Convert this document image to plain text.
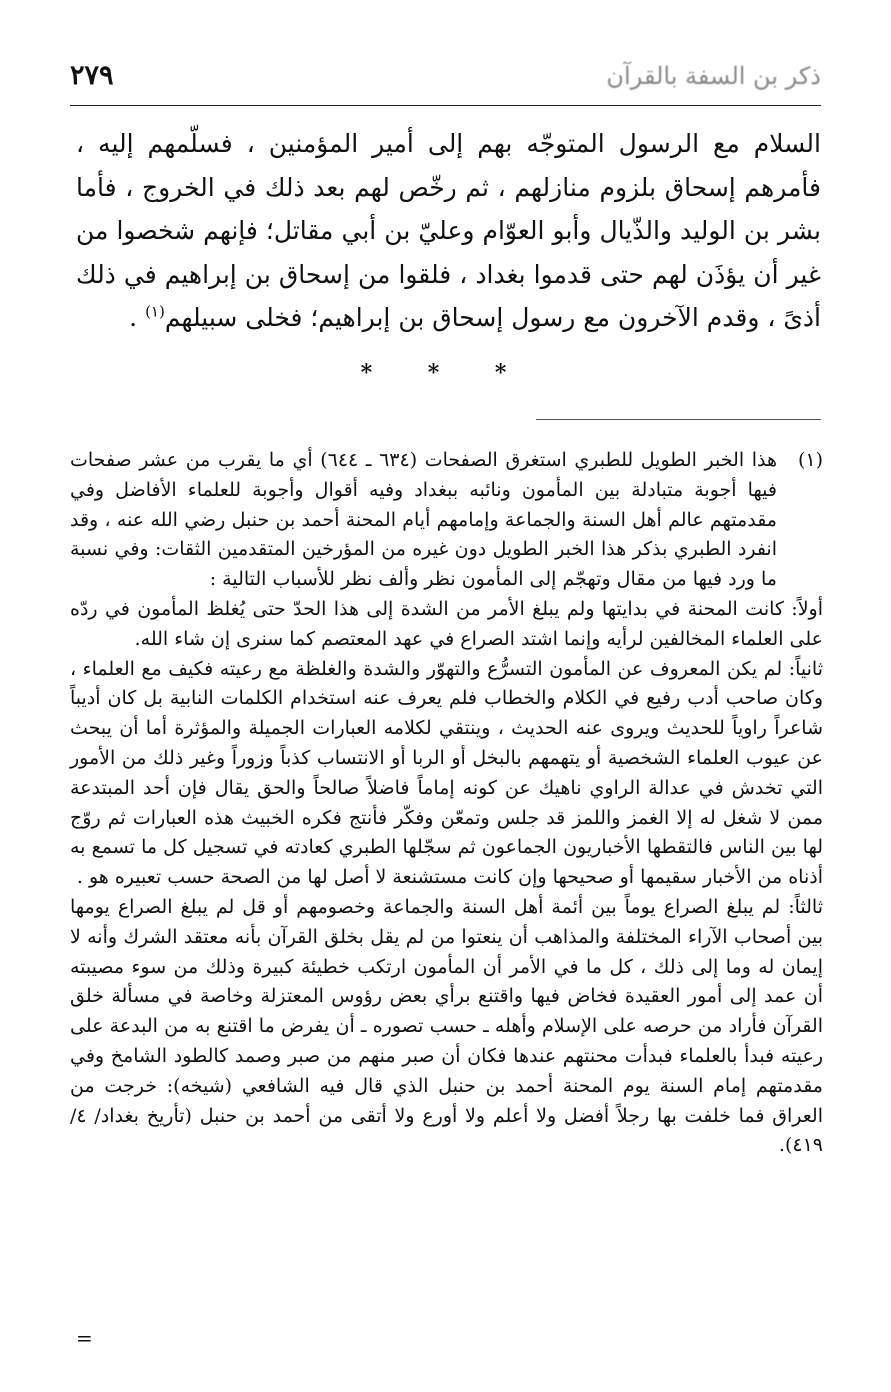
ذكر بن السفة بالقرآن
٢٧٩

السلام مع الرسول المتوجّه بهم إلى أمير المؤمنين ، فسلّمهم إليه ، فأمرهم إسحاق بلزوم منازلهم ، ثم رخّص لهم بعد ذلك في الخروج ، فأما بشر بن الوليد والذّيال وأبو العوّام وعليّ بن أبي مقاتل؛ فإنهم شخصوا من غير أن يؤذَن لهم حتى قدموا بغداد ، فلقوا من إسحاق بن إبراهيم في ذلك أذىً ، وقدم الآخرون مع رسول إسحاق بن إبراهيم؛ فخلى سبيلهم$^{(١)}$ .

* * *
(١)
هذا الخبر الطويل للطبري استغرق الصفحات (٦٣٤ ـ ٦٤٤) أي ما يقرب من عشر صفحات فيها أجوبة متبادلة بين المأمون ونائبه ببغداد وفيه أقوال وأجوبة للعلماء الأفاضل وفي مقدمتهم عالم أهل السنة والجماعة وإمامهم أيام المحنة أحمد بن حنبل رضي الله عنه ، وقد انفرد الطبري بذكر هذا الخبر الطويل دون غيره من المؤرخين المتقدمين الثقات: وفي نسبة ما ورد فيها من مقال وتهجّم إلى المأمون نظر وألف نظر للأسباب التالية :

أولاً: كانت المحنة في بدايتها ولم يبلغ الأمر من الشدة إلى هذا الحدّ حتى يُغلظ المأمون في ردّه على العلماء المخالفين لرأيه وإنما اشتد الصراع في عهد المعتصم كما سنرى إن شاء الله.

ثانياً: لم يكن المعروف عن المأمون التسرُّع والتهوّر والشدة والغلظة مع رعيته فكيف مع العلماء ، وكان صاحب أدب رفيع في الكلام والخطاب فلم يعرف عنه استخدام الكلمات النابية بل كان أديباً شاعراً راوياً للحديث ويروى عنه الحديث ، وينتقي لكلامه العبارات الجميلة والمؤثرة أما أن يبحث عن عيوب العلماء الشخصية أو يتهمهم بالبخل أو الربا أو الانتساب كذباً وزوراً وغير ذلك من الأمور التي تخدش في عدالة الراوي ناهيك عن كونه إماماً فاضلاً صالحاً والحق يقال فإن أحد المبتدعة ممن لا شغل له إلا الغمز واللمز قد جلس وتمعّن وفكّر فأنتج فكره الخبيث هذه العبارات ثم روّج لها بين الناس فالتقطها الأخباريون الجماعون ثم سجّلها الطبري كعادته في تسجيل كل ما تسمع به أذناه من الأخبار سقيمها أو صحيحها وإن كانت مستشنعة لا أصل لها من الصحة حسب تعبيره هو .

ثالثاً: لم يبلغ الصراع يوماً بين أئمة أهل السنة والجماعة وخصومهم أو قل لم يبلغ الصراع يومها بين أصحاب الآراء المختلفة والمذاهب أن ينعتوا من لم يقل بخلق القرآن بأنه معتقد الشرك وأنه لا إيمان له وما إلى ذلك ، كل ما في الأمر أن المأمون ارتكب خطيئة كبيرة وذلك من سوء مصيبته أن عمد إلى أمور العقيدة فخاض فيها واقتنع برأي بعض رؤوس المعتزلة وخاصة في مسألة خلق القرآن فأراد من حرصه على الإسلام وأهله ـ حسب تصوره ـ أن يفرض ما اقتنع به من البدعة على رعيته فبدأ بالعلماء فبدأت محنتهم عندها فكان أن صبر منهم من صبر وصمد كالطود الشامخ وفي مقدمتهم إمام السنة يوم المحنة أحمد بن حنبل الذي قال فيه الشافعي (شيخه): خرجت من العراق فما خلفت بها رجلاً أفضل ولا أعلم ولا أورع ولا أتقى من أحمد بن حنبل (تأريخ بغداد/ ٤/ ٤١٩).

=
